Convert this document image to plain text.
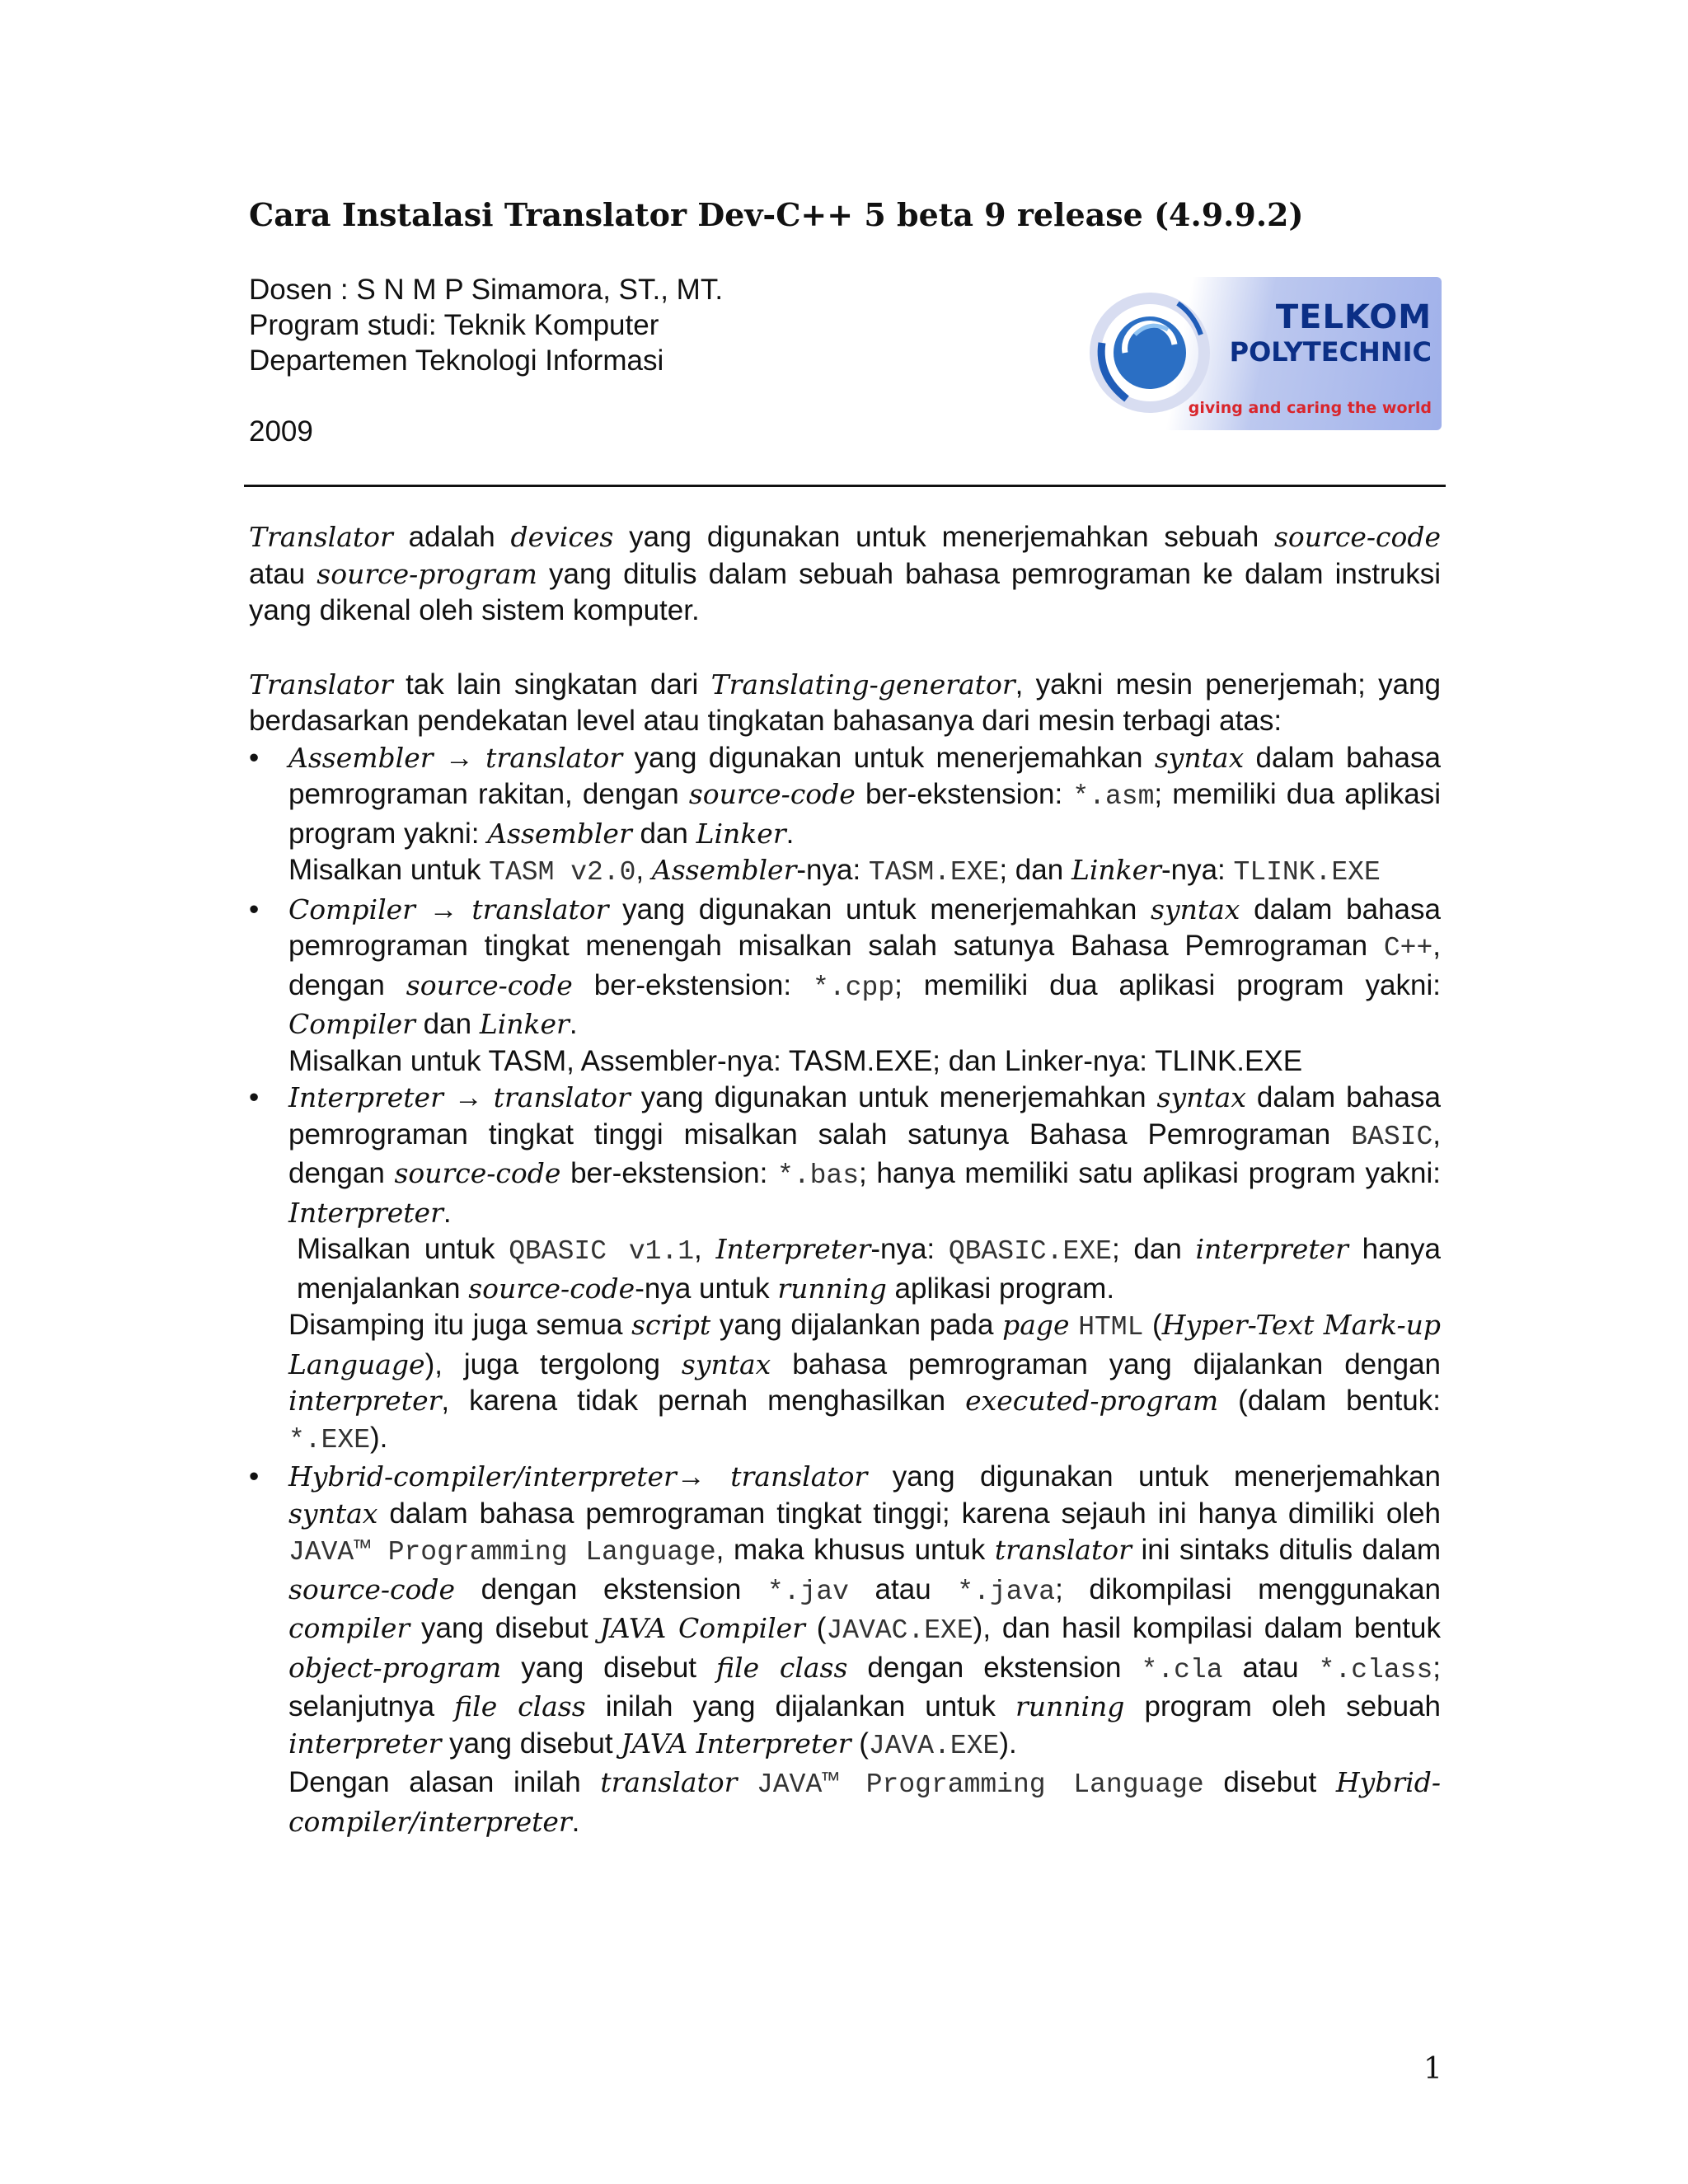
Cara Instalasi Translator Dev-C++ 5 beta 9 release (4.9.9.2)
Dosen : S N M P Simamora, ST., MT.
Program studi: Teknik Komputer
Departemen Teknologi Informasi
2009
TELKOM
POLYTECHNIC
giving and caring the world

Translator adalah devices yang digunakan untuk menerjemahkan sebuah source-code atau source-program yang ditulis dalam sebuah bahasa pemrograman ke dalam instruksi yang dikenal oleh sistem komputer.

Translator tak lain singkatan dari Translating-generator, yakni mesin penerjemah; yang berdasarkan pendekatan level atau tingkatan bahasanya dari mesin terbagi atas:

• Assembler → translator yang digunakan untuk menerjemahkan syntax dalam bahasa pemrograman rakitan, dengan source-code ber-ekstension: *.asm; memiliki dua aplikasi program yakni: Assembler dan Linker.

Misalkan untuk TASM v2.0, Assembler-nya: TASM.EXE; dan Linker-nya: TLINK.EXE

• Compiler → translator yang digunakan untuk menerjemahkan syntax dalam bahasa pemrograman tingkat menengah misalkan salah satunya Bahasa Pemrograman C++, dengan source-code ber-ekstension: *.cpp; memiliki dua aplikasi program yakni: Compiler dan Linker.

Misalkan untuk TASM, Assembler-nya: TASM.EXE; dan Linker-nya: TLINK.EXE

• Interpreter → translator yang digunakan untuk menerjemahkan syntax dalam bahasa pemrograman tingkat tinggi misalkan salah satunya Bahasa Pemrograman BASIC, dengan source-code ber-ekstension: *.bas; hanya memiliki satu aplikasi program yakni: Interpreter.

Misalkan untuk QBASIC v1.1, Interpreter-nya: QBASIC.EXE; dan interpreter hanya menjalankan source-code-nya untuk running aplikasi program.

Disamping itu juga semua script yang dijalankan pada page HTML (Hyper-Text Mark-up Language), juga tergolong syntax bahasa pemrograman yang dijalankan dengan interpreter, karena tidak pernah menghasilkan executed-program (dalam bentuk: *.EXE).

• Hybrid-compiler/interpreter→ translator yang digunakan untuk menerjemahkan syntax dalam bahasa pemrograman tingkat tinggi; karena sejauh ini hanya dimiliki oleh JAVA™ Programming Language, maka khusus untuk translator ini sintaks ditulis dalam source-code dengan ekstension *.jav atau *.java; dikompilasi menggunakan compiler yang disebut JAVA Compiler (JAVAC.EXE), dan hasil kompilasi dalam bentuk object-program yang disebut file class dengan ekstension *.cla atau *.class; selanjutnya file class inilah yang dijalankan untuk running program oleh sebuah interpreter yang disebut JAVA Interpreter (JAVA.EXE).

Dengan alasan inilah translator JAVA™ Programming Language disebut Hybrid-compiler/interpreter.

1
